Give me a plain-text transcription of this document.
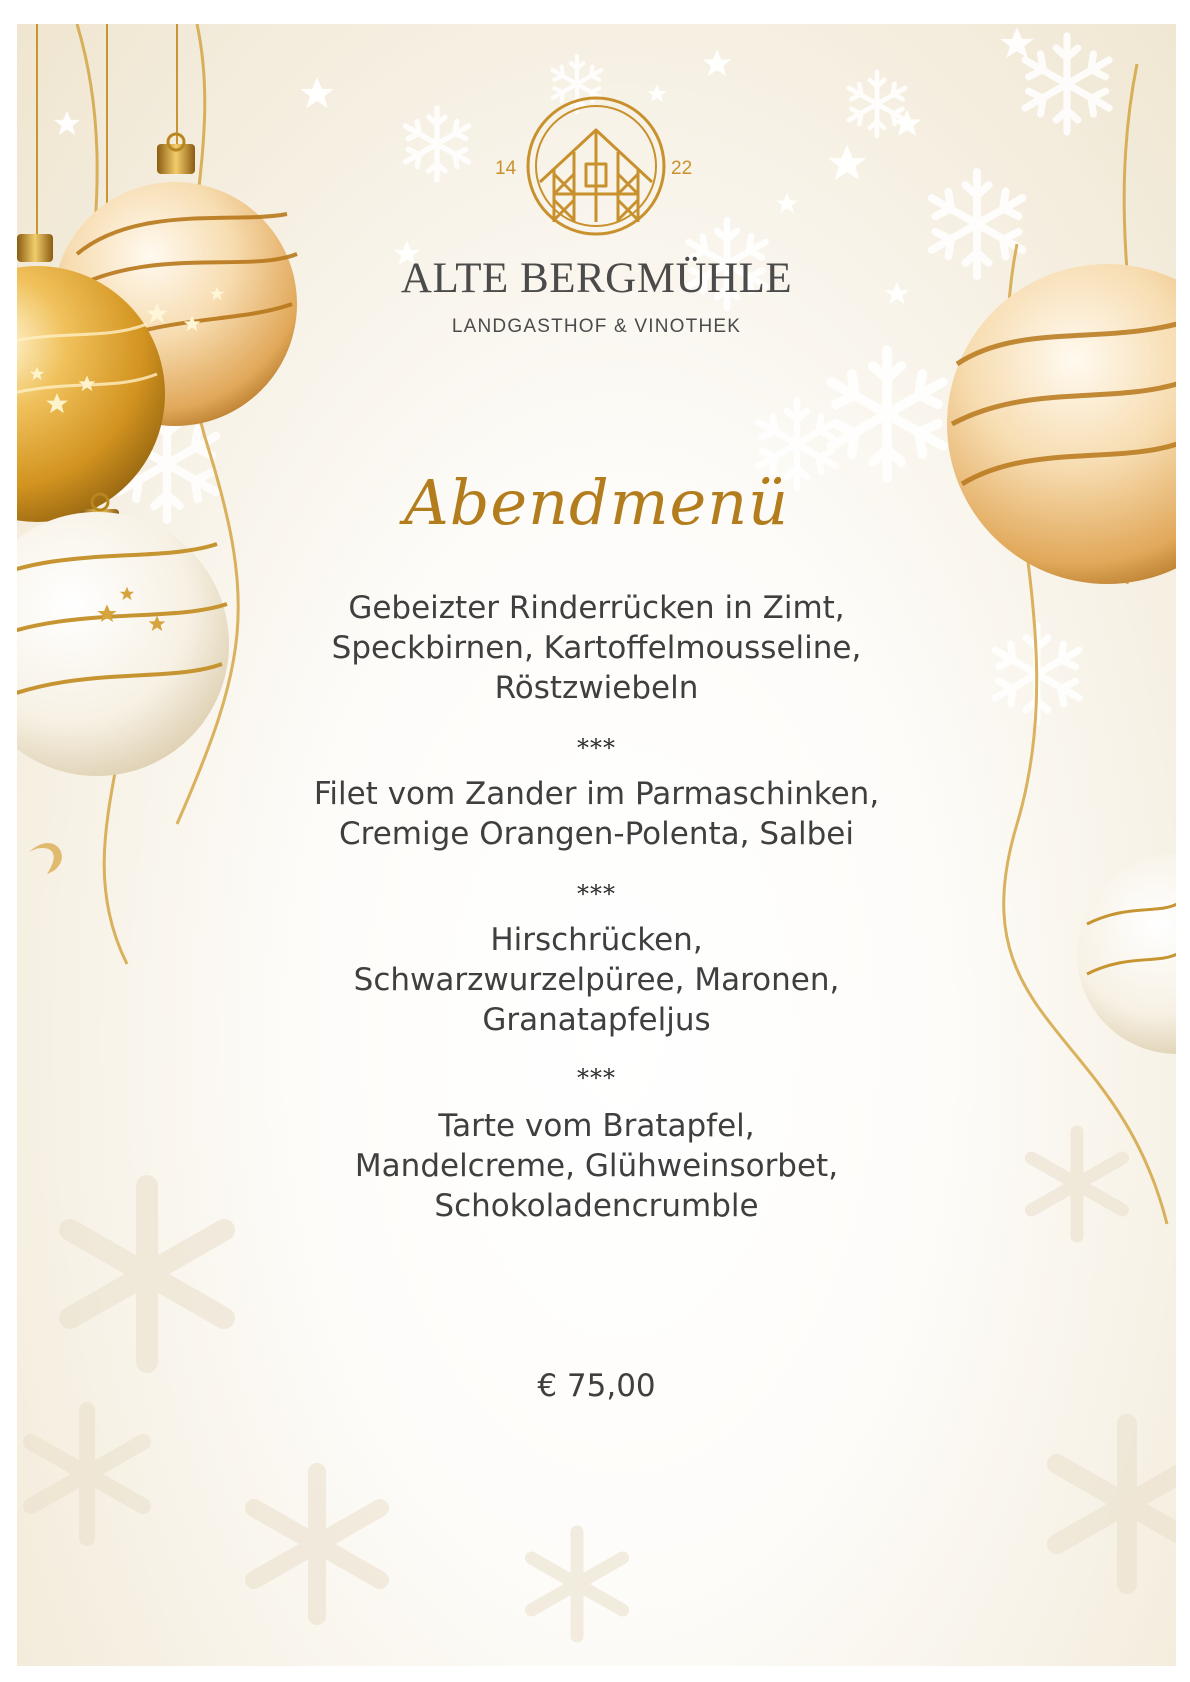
14	22
ALTE BERGMÜHLE
LANDGASTHOF & VINOTHEK
Abendmenü
Gebeizter Rinderrücken in Zimt,
Speckbirnen, Kartoffelmousseline,
Röstzwiebeln
***
Filet vom Zander im Parmaschinken,
Cremige Orangen-Polenta, Salbei
***
Hirschrücken,
Schwarzwurzelpüree, Maronen,
Granatapfeljus
***
Tarte vom Bratapfel,
Mandelcreme, Glühweinsorbet,
Schokoladencrumble
€ 75,00
